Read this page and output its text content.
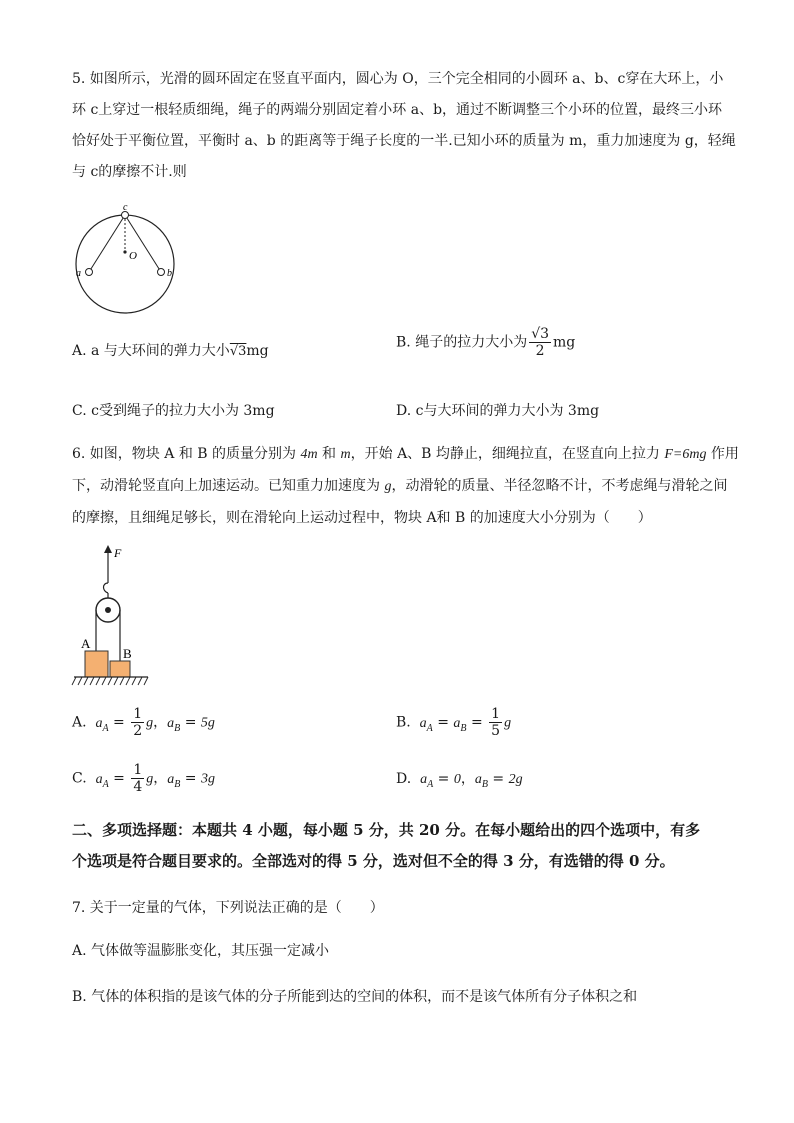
5. 如图所示，光滑的圆环固定在竖直平面内，圆心为 O，三个完全相同的小圆环 a、b、c穿在大环上，小
环 c上穿过一根轻质细绳，绳子的两端分别固定着小环 a、b，通过不断调整三个小环的位置，最终三小环
恰好处于平衡位置，平衡时 a、b 的距离等于绳子长度的一半.已知小环的质量为 m，重力加速度为 g，轻绳
与 c的摩擦不计.则
c
O
a	b
A. a 与大环间的弹力大小√3mg
B. 绳子的拉力大小为 $\frac{√3}{2}$ mg
C. c受到绳子的拉力大小为 3mg	D. c与大环间的弹力大小为 3mg
6. 如图，物块 A 和 B 的质量分别为 4m 和 m，开始 A、B 均静止，细绳拉直，在竖直向上拉力 F=6mg 作用
下，动滑轮竖直向上加速运动。已知重力加速度为 g，动滑轮的质量、半径忽略不计，不考虑绳与滑轮之间
的摩擦，且细绳足够长，则在滑轮向上运动过程中，物块 A和 B 的加速度大小分别为（　　）
F
A
B
A. $a_A = \frac{1}{2}$ g，$a_B = 5g$	B. $a_A = a_B = \frac{1}{5}$ g
C. $a_A = \frac{1}{4}$ g，$a_B = 3g$	D. $a_A = 0$，$a_B = 2g$
二、多项选择题：本题共 4 小题，每小题 5 分，共 20 分。在每小题给出的四个选项中，有多
个选项是符合题目要求的。全部选对的得 5 分，选对但不全的得 3 分，有选错的得 0 分。
7. 关于一定量的气体，下列说法正确的是（　　）
A. 气体做等温膨胀变化，其压强一定减小
B. 气体的体积指的是该气体的分子所能到达的空间的体积，而不是该气体所有分子体积之和
